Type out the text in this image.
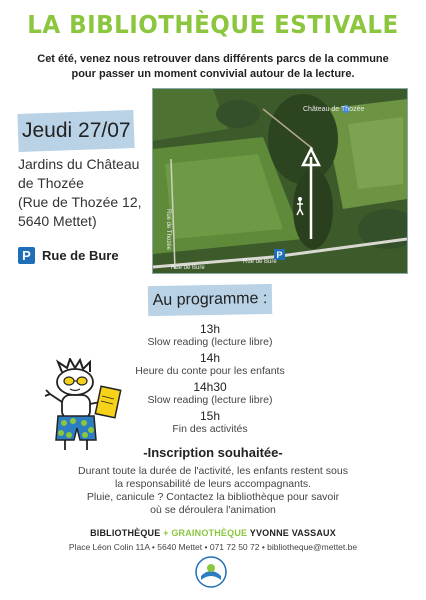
LA BIBLIOTHÈQUE ESTIVALE
Cet été, venez nous retrouver dans différents parcs de la commune
pour passer un moment convivial autour de la lecture.
Jeudi 27/07
Jardins du Château
de Thozée
(Rue de Thozée 12,
5640 Mettet)
P Rue de Bure	P
Château de Thozée
Rue de Bure
Rue de Bure
Rue de Thozée
Au programme :
13h
Slow reading (lecture libre)
14h
Heure du conte pour les enfants
14h30
Slow reading (lecture libre)
15h
Fin des activités
-Inscription souhaitée-
Durant toute la durée de l'activité, les enfants restent sous
la responsabilité de leurs accompagnants.
Pluie, canicule ? Contactez la bibliothèque pour savoir
où se déroulera l'animation
BIBLIOTHÈQUE + GRAINOTHÈQUE YVONNE VASSAUX
Place Léon Colin 11A • 5640 Mettet • 071 72 50 72 • bibliotheque@mettet.be
